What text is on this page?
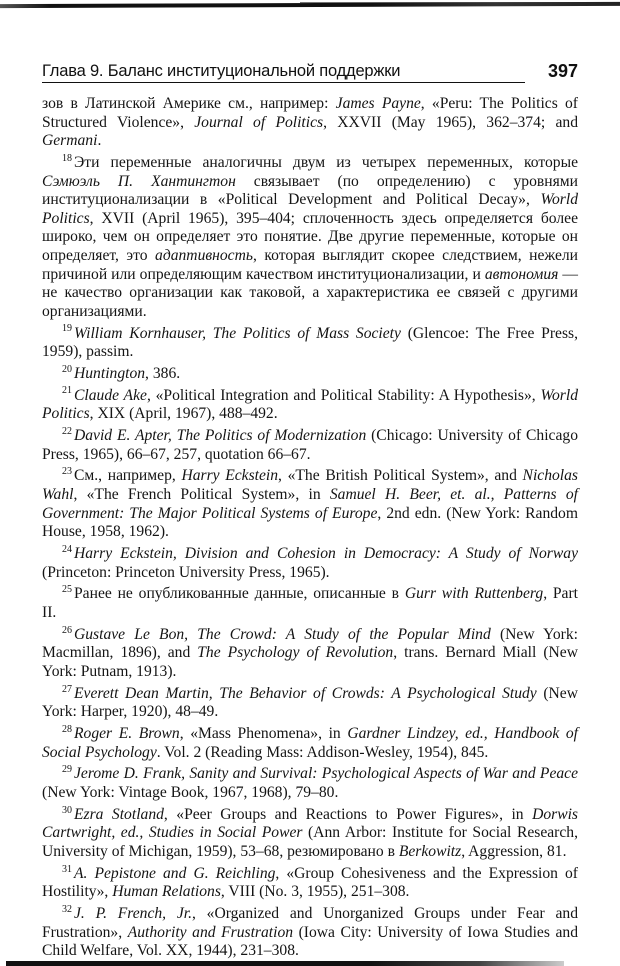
Глава 9. Баланс институциональной поддержки	397

зов в Латинской Америке см., например: James Payne, «Peru: The Politics of Structured Violence», Journal of Politics, XXVII (May 1965), 362–374; and Germani.

$^{18}$ Эти переменные аналогичны двум из четырех переменных, которые Сэмюэль П. Хантингтон связывает (по определению) с уровнями институционализации в «Political Development and Political Decay», World Politics, XVII (April 1965), 395–404; сплоченность здесь определяется более широко, чем он определяет это понятие. Две другие переменные, которые он определяет, это адаптивность, которая выглядит скорее следствием, нежели причиной или определяющим качеством институционализации, и автономия — не качество организации как таковой, а характеристика ее связей с другими организациями.

$^{19}$ William Kornhauser, The Politics of Mass Society (Glencoe: The Free Press, 1959), passim.

$^{20}$ Huntington, 386.

$^{21}$ Claude Ake, «Political Integration and Political Stability: A Hypothesis», World Politics, XIX (April, 1967), 488–492.

$^{22}$ David E. Apter, The Politics of Modernization (Chicago: University of Chicago Press, 1965), 66–67, 257, quotation 66–67.

$^{23}$ См., например, Harry Eckstein, «The British Political System», and Nicholas Wahl, «The French Political System», in Samuel H. Beer, et. al., Patterns of Government: The Major Political Systems of Europe, 2nd edn. (New York: Random House, 1958, 1962).

$^{24}$ Harry Eckstein, Division and Cohesion in Democracy: A Study of Norway (Princeton: Princeton University Press, 1965).

$^{25}$ Ранее не опубликованные данные, описанные в Gurr with Ruttenberg, Part II.

$^{26}$ Gustave Le Bon, The Crowd: A Study of the Popular Mind (New York: Macmillan, 1896), and The Psychology of Revolution, trans. Bernard Miall (New York: Putnam, 1913).

$^{27}$ Everett Dean Martin, The Behavior of Crowds: A Psychological Study (New York: Harper, 1920), 48–49.

$^{28}$ Roger E. Brown, «Mass Phenomena», in Gardner Lindzey, ed., Handbook of Social Psychology. Vol. 2 (Reading Mass: Addison-Wesley, 1954), 845.

$^{29}$ Jerome D. Frank, Sanity and Survival: Psychological Aspects of War and Peace (New York: Vintage Book, 1967, 1968), 79–80.

$^{30}$ Ezra Stotland, «Peer Groups and Reactions to Power Figures», in Dorwis Cartwright, ed., Studies in Social Power (Ann Arbor: Institute for Social Research, University of Michigan, 1959), 53–68, резюмировано в Berkowitz, Aggression, 81.

$^{31}$ A. Pepistone and G. Reichling, «Group Cohesiveness and the Expression of Hostility», Human Relations, VIII (No. 3, 1955), 251–308.

$^{32}$ J. P. French, Jr., «Organized and Unorganized Groups under Fear and Frustration», Authority and Frustration (Iowa City: University of Iowa Studies and Child Welfare, Vol. XX, 1944), 231–308.
